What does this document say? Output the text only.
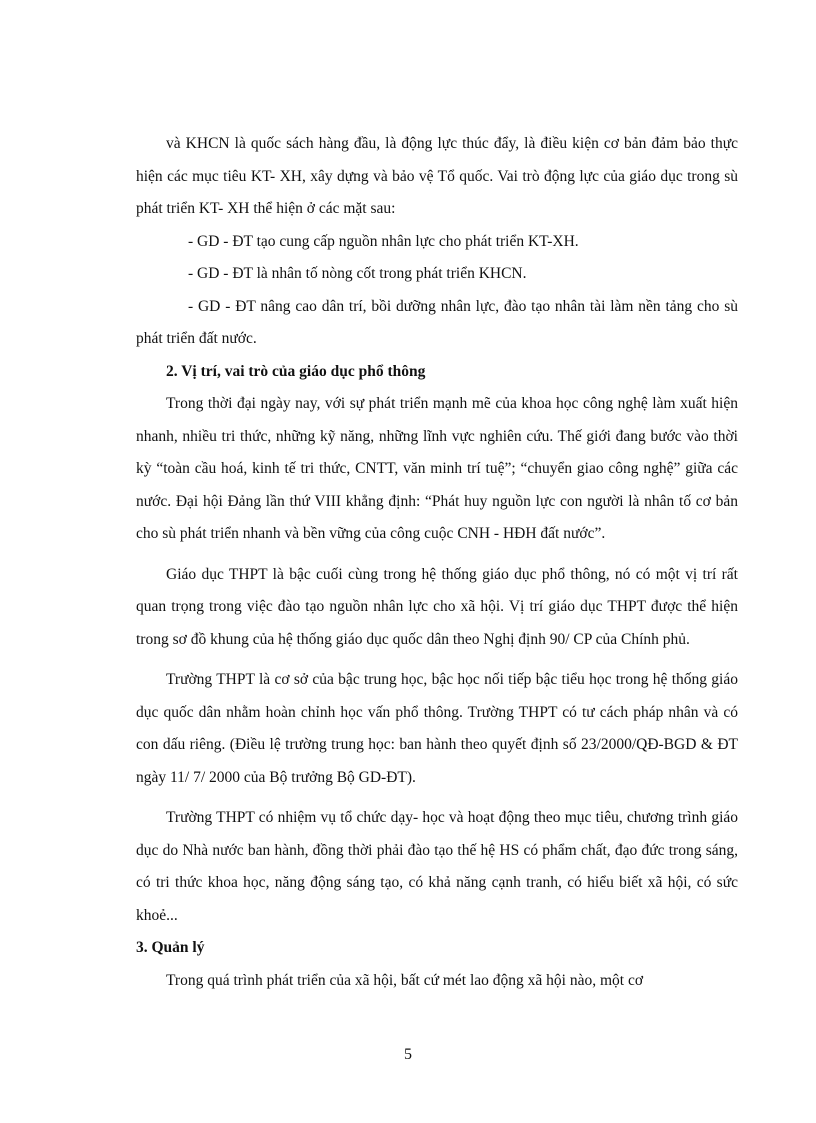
và KHCN là quốc sách hàng đầu, là động lực thúc đẩy, là điều kiện cơ bản đảm bảo thực hiện các mục tiêu KT- XH, xây dựng và bảo vệ Tổ quốc. Vai trò động lực của giáo dục trong sù phát triển KT- XH thể hiện ở các mặt sau:

- GD - ĐT tạo cung cấp nguồn nhân lực cho phát triển KT-XH.

- GD - ĐT là nhân tố nòng cốt trong phát triển KHCN.

- GD - ĐT nâng cao dân trí, bồi dưỡng nhân lực, đào tạo nhân tài làm nền tảng cho sù phát triển đất nước.

2. Vị trí, vai trò của giáo dục phổ thông

Trong thời đại ngày nay, với sự phát triển mạnh mẽ của khoa học công nghệ làm xuất hiện nhanh, nhiều tri thức, những kỹ năng, những lĩnh vực nghiên cứu. Thế giới đang bước vào thời kỳ “toàn cầu hoá, kinh tế tri thức, CNTT, văn minh trí tuệ”; “chuyển giao công nghệ” giữa các nước. Đại hội Đảng lần thứ VIII khẳng định: “Phát huy nguồn lực con người là nhân tố cơ bản cho sù phát triển nhanh và bền vững của công cuộc CNH - HĐH đất nước”.

Giáo dục THPT là bậc cuối cùng trong hệ thống giáo dục phổ thông, nó có một vị trí rất quan trọng trong việc đào tạo nguồn nhân lực cho xã hội. Vị trí giáo dục THPT được thể hiện trong sơ đồ khung của hệ thống giáo dục quốc dân theo Nghị định 90/ CP của Chính phủ.

Trường THPT là cơ sở của bậc trung học, bậc học nối tiếp bậc tiểu học trong hệ thống giáo dục quốc dân nhằm hoàn chỉnh học vấn phổ thông. Trường THPT có tư cách pháp nhân và có con dấu riêng. (Điều lệ trường trung học: ban hành theo quyết định số 23/2000/QĐ-BGD & ĐT ngày 11/ 7/ 2000 của Bộ trưởng Bộ GD-ĐT).

Trường THPT có nhiệm vụ tổ chức dạy- học và hoạt động theo mục tiêu, chương trình giáo dục do Nhà nước ban hành, đồng thời phải đào tạo thế hệ HS có phẩm chất, đạo đức trong sáng, có tri thức khoa học, năng động sáng tạo, có khả năng cạnh tranh, có hiểu biết xã hội, có sức khoẻ...

3. Quản lý

Trong quá trình phát triển của xã hội, bất cứ mét lao động xã hội nào, một cơ

5
